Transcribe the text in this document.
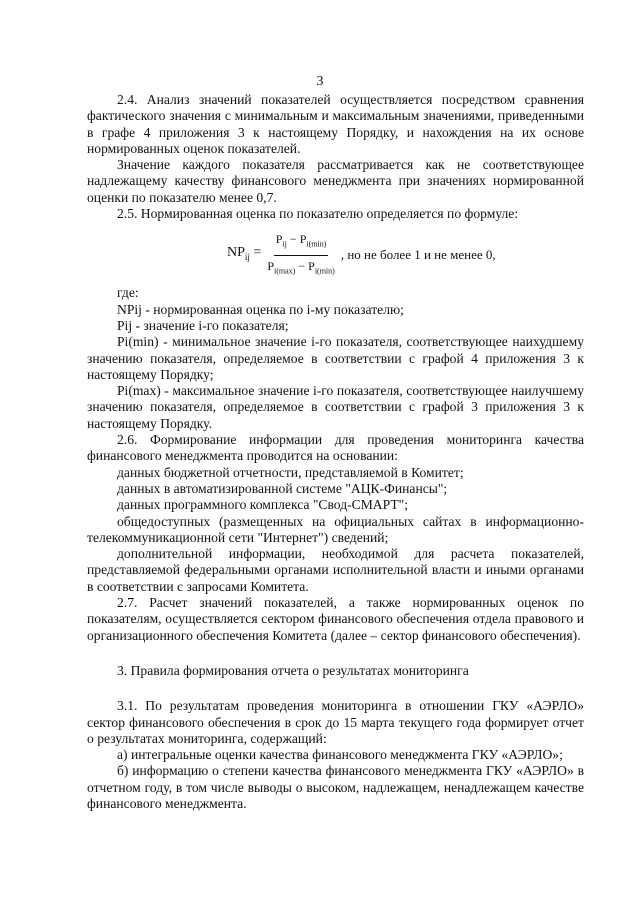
3

2.4. Анализ значений показателей осуществляется посредством сравнения фактического значения с минимальным и максимальным значениями, приведенными в графе 4 приложения 3 к настоящему Порядку, и нахождения на их основе нормированных оценок показателей.

Значение каждого показателя рассматривается как не соответствующее надлежащему качеству финансового менеджмента при значениях нормированной оценки по показателю менее 0,7.

2.5. Нормированная оценка по показателю определяется по формуле:

$NP_{ij} = \frac{P_{ij} - P_{i(min)}}{P_{i(max)} - P_{i(min)}}$ , но не более 1 и не менее 0,

где:

NPij - нормированная оценка по i-му показателю;

Pij - значение i-го показателя;

Pi(min) - минимальное значение i-го показателя, соответствующее наихудшему значению показателя, определяемое в соответствии с графой 4 приложения 3 к настоящему Порядку;

Pi(max) - максимальное значение i-го показателя, соответствующее наилучшему значению показателя, определяемое в соответствии с графой 3 приложения 3 к настоящему Порядку.

2.6. Формирование информации для проведения мониторинга качества финансового менеджмента проводится на основании:

данных бюджетной отчетности, представляемой в Комитет;

данных в автоматизированной системе "АЦК-Финансы";

данных программного комплекса "Свод-СМАРТ";

общедоступных (размещенных на официальных сайтах в информационно-телекоммуникационной сети "Интернет") сведений;

дополнительной информации, необходимой для расчета показателей, представляемой федеральными органами исполнительной власти и иными органами в соответствии с запросами Комитета.

2.7. Расчет значений показателей, а также нормированных оценок по показателям, осуществляется сектором финансового обеспечения отдела правового и организационного обеспечения Комитета (далее – сектор финансового обеспечения).

3. Правила формирования отчета о результатах мониторинга

3.1. По результатам проведения мониторинга в отношении ГКУ «АЭРЛО» сектор финансового обеспечения в срок до 15 марта текущего года формирует отчет о результатах мониторинга, содержащий:

а) интегральные оценки качества финансового менеджмента ГКУ «АЭРЛО»;

б) информацию о степени качества финансового менеджмента ГКУ «АЭРЛО» в отчетном году, в том числе выводы о высоком, надлежащем, ненадлежащем качестве финансового менеджмента.
